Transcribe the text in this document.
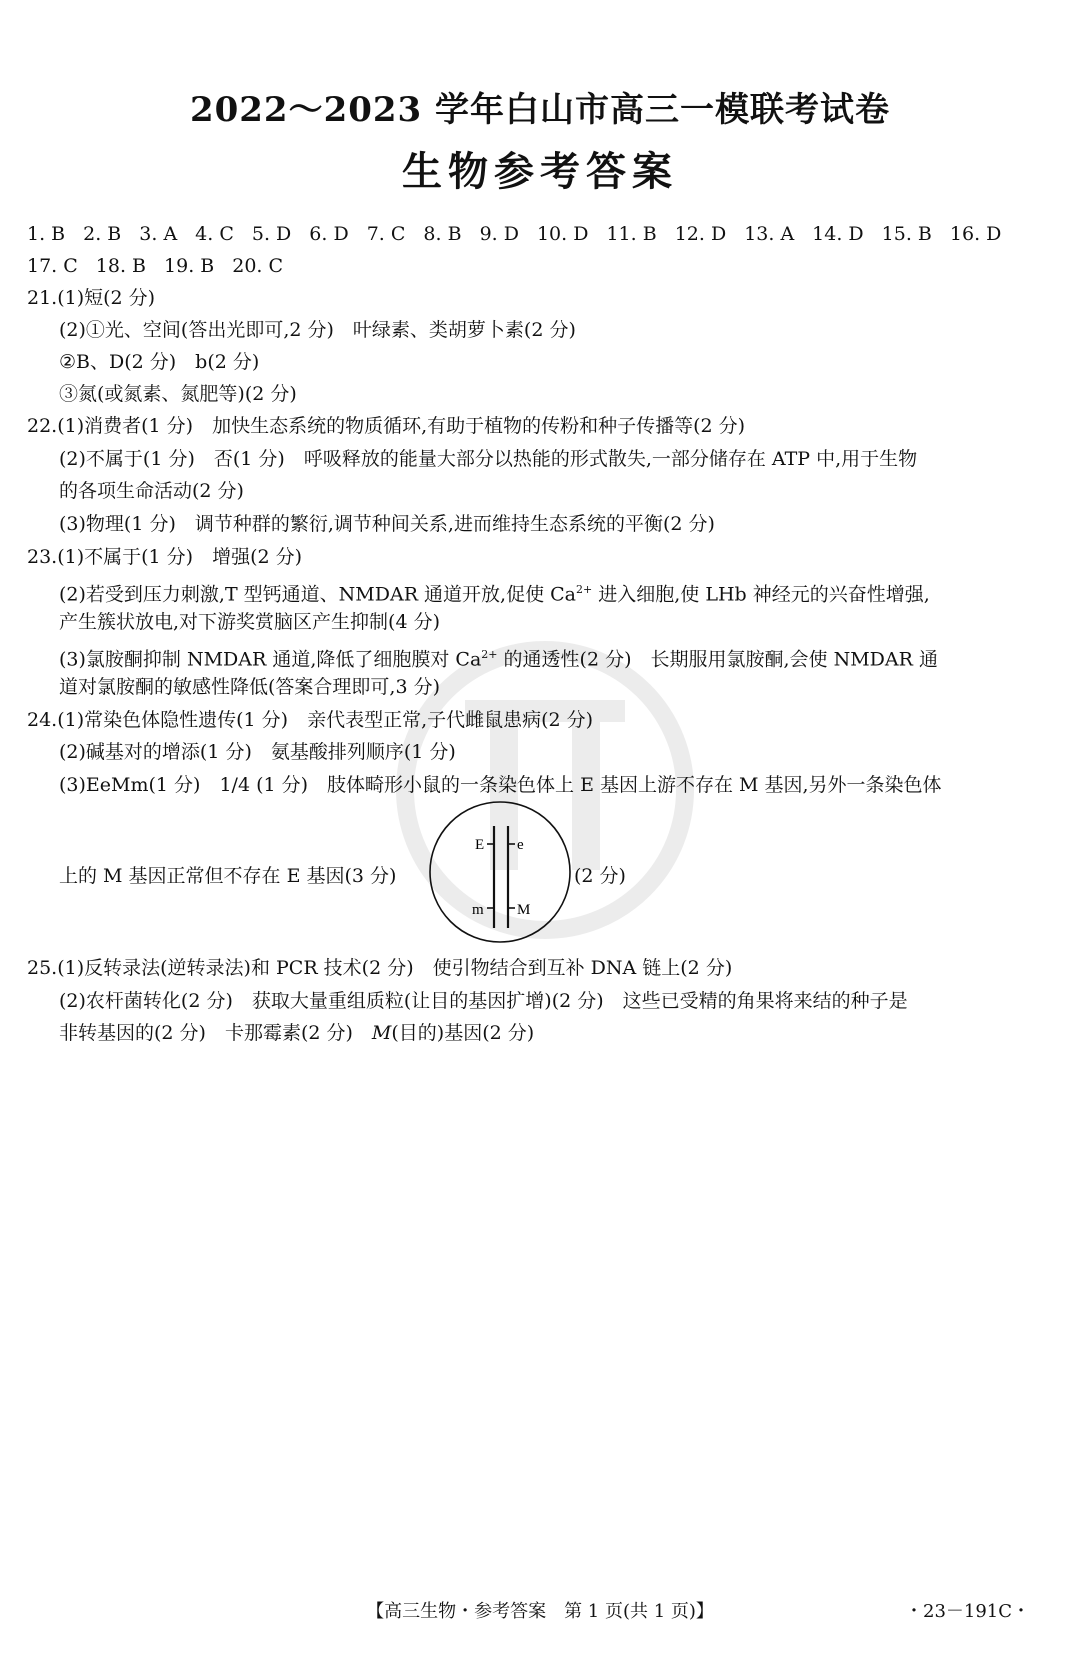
2022～2023 学年白山市高三一模联考试卷
生物参考答案
1. B 2. B 3. A 4. C 5. D 6. D 7. C 8. B 9. D 10. D 11. B 12. D 13. A 14. D 15. B 16. D
17. C 18. B 19. B 20. C
21.(1)短(2 分)
(2)①光、空间(答出光即可,2 分)　叶绿素、类胡萝卜素(2 分)
②B、D(2 分)　b(2 分)
③氮(或氮素、氮肥等)(2 分)
22.(1)消费者(1 分)　加快生态系统的物质循环,有助于植物的传粉和种子传播等(2 分)
(2)不属于(1 分)　否(1 分)　呼吸释放的能量大部分以热能的形式散失,一部分储存在 ATP 中,用于生物
的各项生命活动(2 分)
(3)物理(1 分)　调节种群的繁衍,调节种间关系,进而维持生态系统的平衡(2 分)
23.(1)不属于(1 分)　增强(2 分)
(2)若受到压力刺激,T 型钙通道、NMDAR 通道开放,促使 $Ca^{2+}$ 进入细胞,使 LHb 神经元的兴奋性增强,
产生簇状放电,对下游奖赏脑区产生抑制(4 分)
(3)氯胺酮抑制 NMDAR 通道,降低了细胞膜对 $Ca^{2+}$ 的通透性(2 分)　长期服用氯胺酮,会使 NMDAR 通
道对氯胺酮的敏感性降低(答案合理即可,3 分)
24.(1)常染色体隐性遗传(1 分)　亲代表型正常,子代雌鼠患病(2 分)
(2)碱基对的增添(1 分)　氨基酸排列顺序(1 分)
(3)EeMm(1 分)　1/4 (1 分)　肢体畸形小鼠的一条染色体上 E 基因上游不存在 M 基因,另外一条染色体
上的 M 基因正常但不存在 E 基因(3 分)
E e
m M
(2 分)
25.(1)反转录法(逆转录法)和 PCR 技术(2 分)　使引物结合到互补 DNA 链上(2 分)
(2)农杆菌转化(2 分)　获取大量重组质粒(让目的基因扩增)(2 分)　这些已受精的角果将来结的种子是
非转基因的(2 分)　卡那霉素(2 分)　M(目的)基因(2 分)
【高三生物・参考答案　第 1 页(共 1 页)】	・23－191C・
